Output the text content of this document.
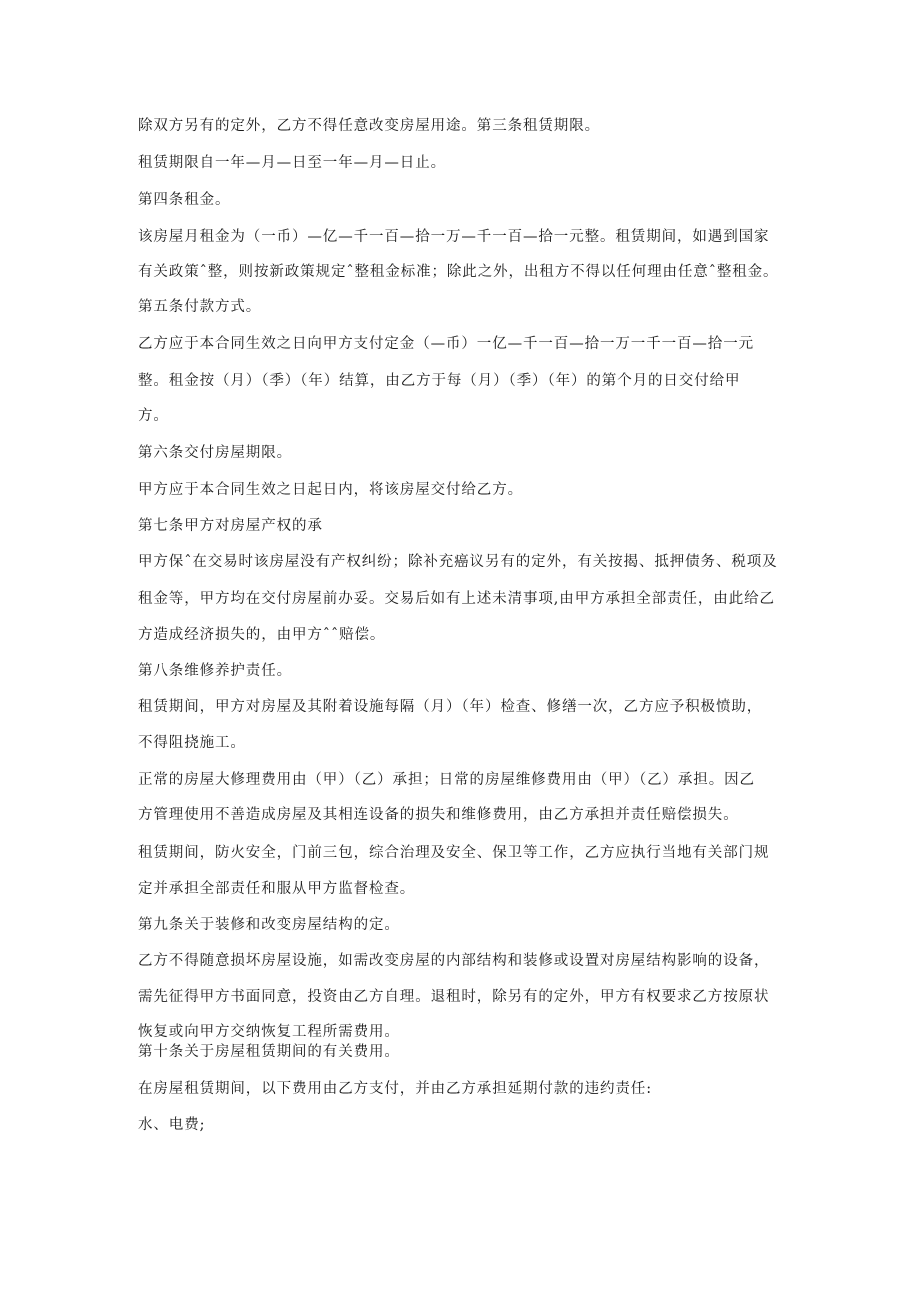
除双方另有的定外，乙方不得任意改变房屋用途。第三条租赁期限。

租赁期限自一年—月—日至一年—月—日止。

第四条租金。

该房屋月租金为（一币）—亿—千一百—拾一万—千一百—拾一元整。租赁期间，如遇到国家

有关政策ˆ整，则按新政策规定ˆ整租金标准；除此之外，出租方不得以任何理由任意ˆ整租金。

第五条付款方式。

乙方应于本合同生效之日向甲方支付定金（—币）一亿—千一百—拾一万一千一百—拾一元

整。租金按（月）（季）（年）结算，由乙方于每（月）（季）（年）的第个月的日交付给甲

方。

第六条交付房屋期限。

甲方应于本合同生效之日起日内，将该房屋交付给乙方。

第七条甲方对房屋产权的承

甲方保ˆ在交易时该房屋没有产权纠纷；除补充癌议另有的定外，有关按揭、抵押债务、税项及

租金等，甲方均在交付房屋前办妥。交易后如有上述未清事项,由甲方承担全部责任，由此给乙

方造成经济损失的，由甲方ˆˆ赔偿。

第八条维修养护责任。

租赁期间，甲方对房屋及其附着设施每隔（月）（年）检查、修缮一次，乙方应予积极愤助，

不得阻挠施工。

正常的房屋大修理费用由（甲）（乙）承担；日常的房屋维修费用由（甲）（乙）承担。因乙

方管理使用不善造成房屋及其相连设备的损失和维修费用，由乙方承担并责任赔偿损失。

租赁期间，防火安全，门前三包，综合治理及安全、保卫等工作，乙方应执行当地有关部门规

定并承担全部责任和服从甲方监督检查。

第九条关于装修和改变房屋结构的定。

乙方不得随意损坏房屋设施，如需改变房屋的内部结构和装修或设置对房屋结构影响的设备，

需先征得甲方书面同意，投资由乙方自理。退租时，除另有的定外，甲方有权要求乙方按原状

恢复或向甲方交纳恢复工程所需费用。

第十条关于房屋租赁期间的有关费用。

在房屋租赁期间，以下费用由乙方支付，并由乙方承担延期付款的违约责任:

水、电费;
